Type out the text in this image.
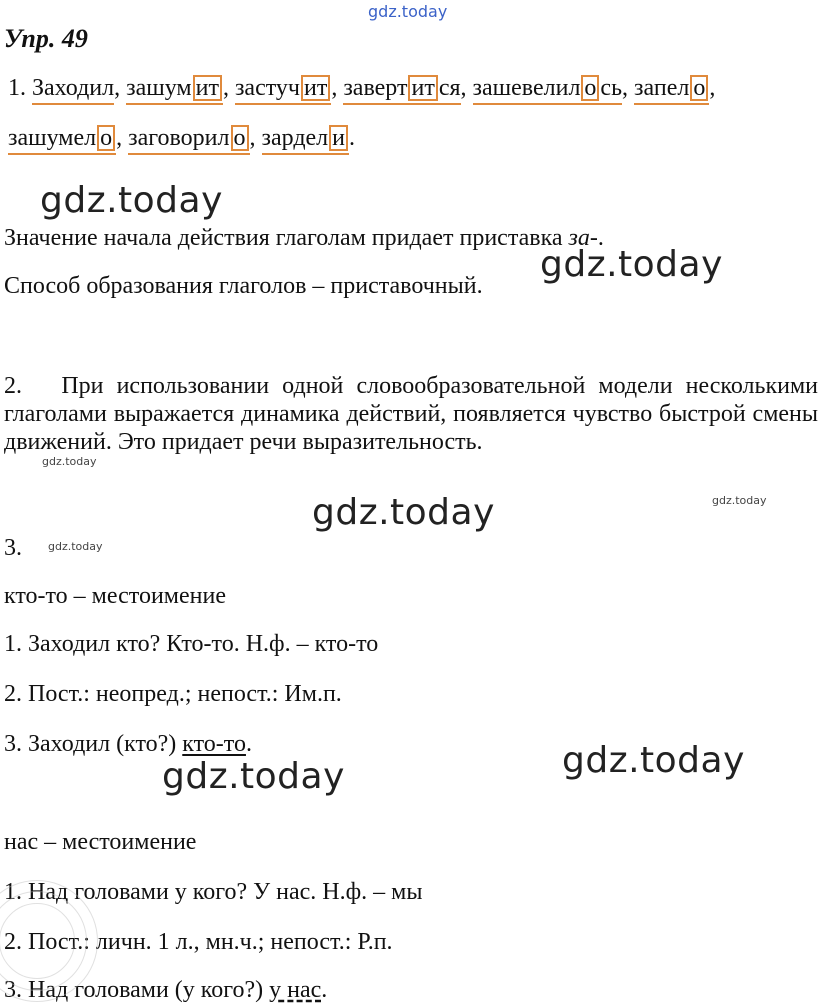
gdz.today
Упр. 49
1. Заходил, зашум ит , застуч ит , заверт ит ся, зашевелил о сь, запел о ,
зашумел о , заговорил о , зардел и .
gdz.today
Значение начала действия глаголам придает приставка за-.
Способ образования глаголов – приставочный.
gdz.today
2. При использовании одной словообразовательной модели несколькими глаголами выражается динамика действий, появляется чувство быстрой смены движений. Это придает речи выразительность.
gdz.today
gdz.today
gdz.today
3. gdz.today
кто-то – местоимение
1. Заходил кто? Кто-то. Н.ф. – кто-то
2. Пост.: неопред.; непост.: Им.п.
3. Заходил (кто?) кто-то.
gdz.today	gdz.today
нас – местоимение
1. Над головами у кого? У нас. Н.ф. – мы
2. Пост.: личн. 1 л., мн.ч.; непост.: Р.п.
3. Над головами (у кого?) у нас.
